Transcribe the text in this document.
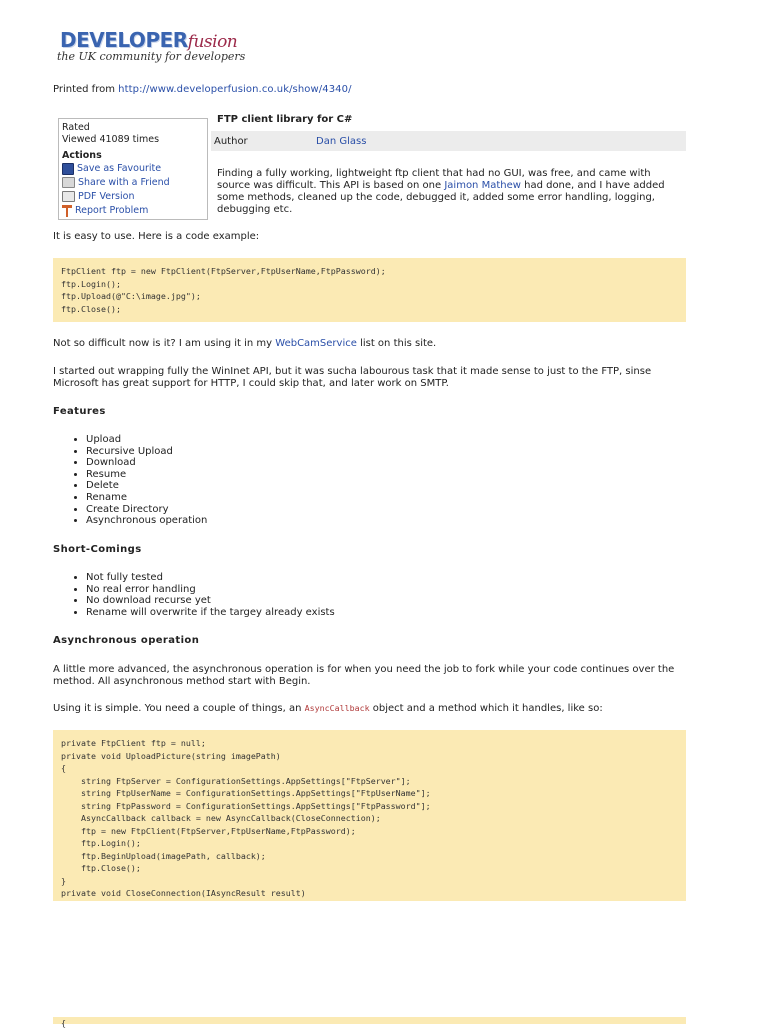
DEVELOPERfusion
the UK community for developers
Printed from http://www.developerfusion.co.uk/show/4340/
Rated
Viewed 41089 times
Actions
Save as Favourite
Share with a Friend
PDF Version
Report Problem
FTP client library for C#
Author	Dan Glass
Finding a fully working, lightweight ftp client that had no GUI, was free, and came with source was difficult. This API is based on one Jaimon Mathew had done, and I have added some methods, cleaned up the code, debugged it, added some error handling, logging, debugging etc.
It is easy to use. Here is a code example:
FtpClient ftp = new FtpClient(FtpServer,FtpUserName,FtpPassword);
ftp.Login();
ftp.Upload(@"C:\image.jpg");
ftp.Close();
Not so difficult now is it? I am using it in my WebCamService list on this site.
I started out wrapping fully the WinInet API, but it was sucha labourous task that it made sense to just to the FTP, sinse Microsoft has great support for HTTP, I could skip that, and later work on SMTP.
Features
• Upload
• Recursive Upload
• Download
• Resume
• Delete
• Rename
• Create Directory
• Asynchronous operation
Short-Comings
• Not fully tested
• No real error handling
• No download recurse yet
• Rename will overwrite if the targey already exists
Asynchronous operation
A little more advanced, the asynchronous operation is for when you need the job to fork while your code continues over the method. All asynchronous method start with Begin.
Using it is simple. You need a couple of things, an AsyncCallback object and a method which it handles, like so:
private FtpClient ftp = null;
private void UploadPicture(string imagePath)
{
string FtpServer = ConfigurationSettings.AppSettings["FtpServer"];
string FtpUserName = ConfigurationSettings.AppSettings["FtpUserName"];
string FtpPassword = ConfigurationSettings.AppSettings["FtpPassword"];
AsyncCallback callback = new AsyncCallback(CloseConnection);
ftp = new FtpClient(FtpServer,FtpUserName,FtpPassword);
ftp.Login();
ftp.BeginUpload(imagePath, callback);
ftp.Close();
}
private void CloseConnection(IAsyncResult result)
{
